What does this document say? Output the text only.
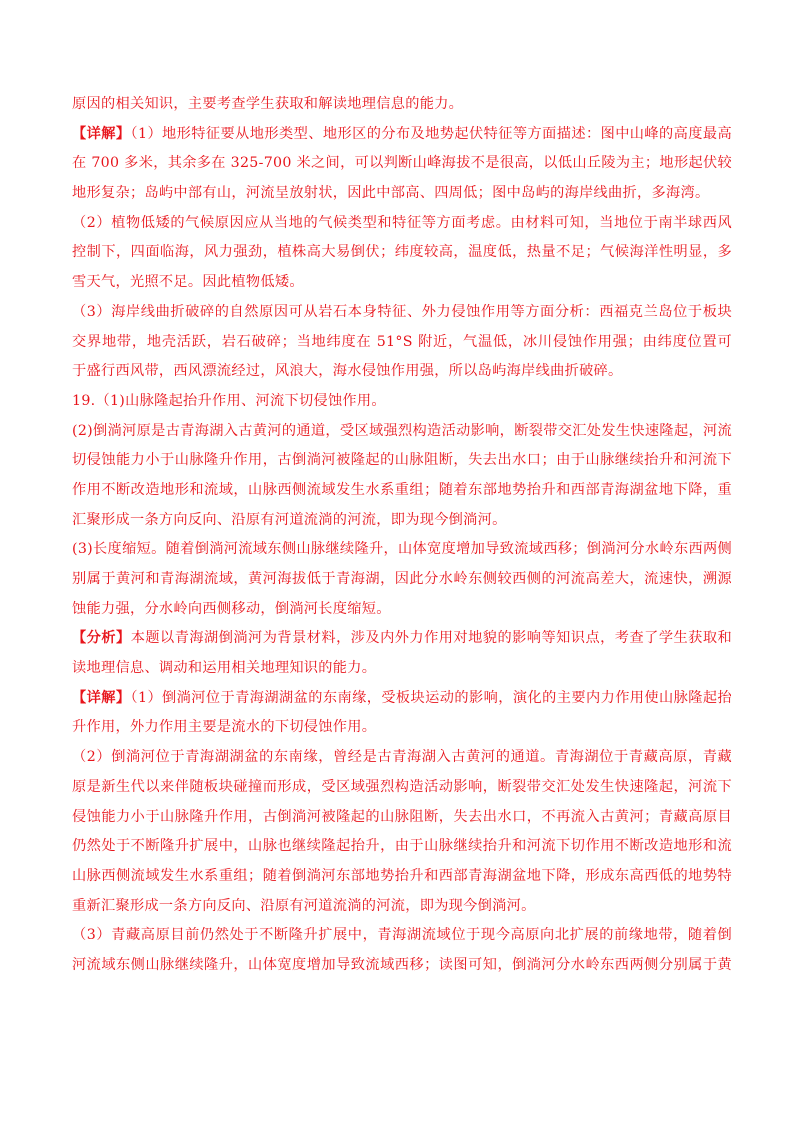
原因的相关知识，主要考查学生获取和解读地理信息的能力。
【详解】（1）地形特征要从地形类型、地形区的分布及地势起伏特征等方面描述：图中山峰的高度最高
在 700 多米，其余多在 325-700 米之间，可以判断山峰海拔不是很高，以低山丘陵为主；地形起伏较
地形复杂；岛屿中部有山，河流呈放射状，因此中部高、四周低；图中岛屿的海岸线曲折，多海湾。
（2）植物低矮的气候原因应从当地的气候类型和特征等方面考虑。由材料可知，当地位于南半球西风
控制下，四面临海，风力强劲，植株高大易倒伏；纬度较高，温度低，热量不足；气候海洋性明显，多
雪天气，光照不足。因此植物低矮。
（3）海岸线曲折破碎的自然原因可从岩石本身特征、外力侵蚀作用等方面分析：西福克兰岛位于板块
交界地带，地壳活跃，岩石破碎；当地纬度在 51°S 附近，气温低，冰川侵蚀作用强；由纬度位置可
于盛行西风带，西风漂流经过，风浪大，海水侵蚀作用强，所以岛屿海岸线曲折破碎。
19.（1)山脉隆起抬升作用、河流下切侵蚀作用。
(2)倒淌河原是古青海湖入古黄河的通道，受区域强烈构造活动影响，断裂带交汇处发生快速隆起，河流
切侵蚀能力小于山脉隆升作用，古倒淌河被隆起的山脉阻断，失去出水口；由于山脉继续抬升和河流下
作用不断改造地形和流域，山脉西侧流域发生水系重组；随着东部地势抬升和西部青海湖盆地下降，重
汇聚形成一条方向反向、沿原有河道流淌的河流，即为现今倒淌河。
(3)长度缩短。随着倒淌河流域东侧山脉继续隆升，山体宽度增加导致流域西移；倒淌河分水岭东西两侧
别属于黄河和青海湖流域，黄河海拔低于青海湖，因此分水岭东侧较西侧的河流高差大，流速快，溯源
蚀能力强，分水岭向西侧移动，倒淌河长度缩短。
【分析】本题以青海湖倒淌河为背景材料，涉及内外力作用对地貌的影响等知识点，考查了学生获取和
读地理信息、调动和运用相关地理知识的能力。
【详解】（1）倒淌河位于青海湖湖盆的东南缘，受板块运动的影响，演化的主要内力作用使山脉隆起抬
升作用，外力作用主要是流水的下切侵蚀作用。
（2）倒淌河位于青海湖湖盆的东南缘，曾经是古青海湖入古黄河的通道。青海湖位于青藏高原，青藏
原是新生代以来伴随板块碰撞而形成，受区域强烈构造活动影响，断裂带交汇处发生快速隆起，河流下
侵蚀能力小于山脉隆升作用，古倒淌河被隆起的山脉阻断，失去出水口，不再流入古黄河；青藏高原目
仍然处于不断隆升扩展中，山脉也继续隆起抬升，由于山脉继续抬升和河流下切作用不断改造地形和流
山脉西侧流域发生水系重组；随着倒淌河东部地势抬升和西部青海湖盆地下降，形成东高西低的地势特
重新汇聚形成一条方向反向、沿原有河道流淌的河流，即为现今倒淌河。
（3）青藏高原目前仍然处于不断隆升扩展中，青海湖流域位于现今高原向北扩展的前缘地带，随着倒
河流域东侧山脉继续隆升，山体宽度增加导致流域西移；读图可知，倒淌河分水岭东西两侧分别属于黄
